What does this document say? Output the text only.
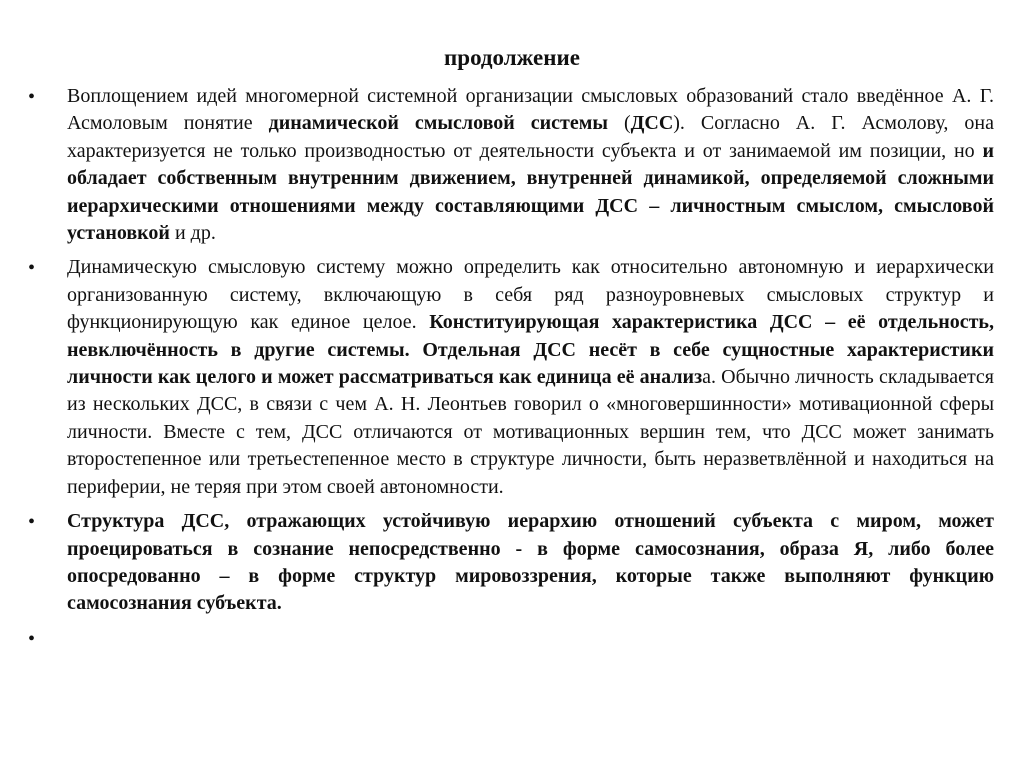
продолжение
• Воплощением идей многомерной системной организации смысловых образований стало введённое А. Г. Асмоловым понятие динамической смысловой системы (ДСС). Согласно А. Г. Асмолову, она характеризуется не только производностью от деятельности субъекта и от занимаемой им позиции, но и обладает собственным внутренним движением, внутренней динамикой, определяемой сложными иерархическими отношениями между составляющими ДСС – личностным смыслом, смысловой установкой и др.
• Динамическую смысловую систему можно определить как относительно автономную и иерархически организованную систему, включающую в себя ряд разноуровневых смысловых структур и функционирующую как единое целое. Конституирующая характеристика ДСС – её отдельность, невключённость в другие системы. Отдельная ДСС несёт в себе сущностные характеристики личности как целого и может рассматриваться как единица её анализа. Обычно личность складывается из нескольких ДСС, в связи с чем А. Н. Леонтьев говорил о «многовершинности» мотивационной сферы личности. Вместе с тем, ДСС отличаются от мотивационных вершин тем, что ДСС может занимать второстепенное или третьестепенное место в структуре личности, быть неразветвлённой и находиться на периферии, не теряя при этом своей автономности.
• Структура ДСС, отражающих устойчивую иерархию отношений субъекта с миром, может проецироваться в сознание непосредственно - в форме самосознания, образа Я, либо более опосредованно – в форме структур мировоззрения, которые также выполняют функцию самосознания субъекта.
•
